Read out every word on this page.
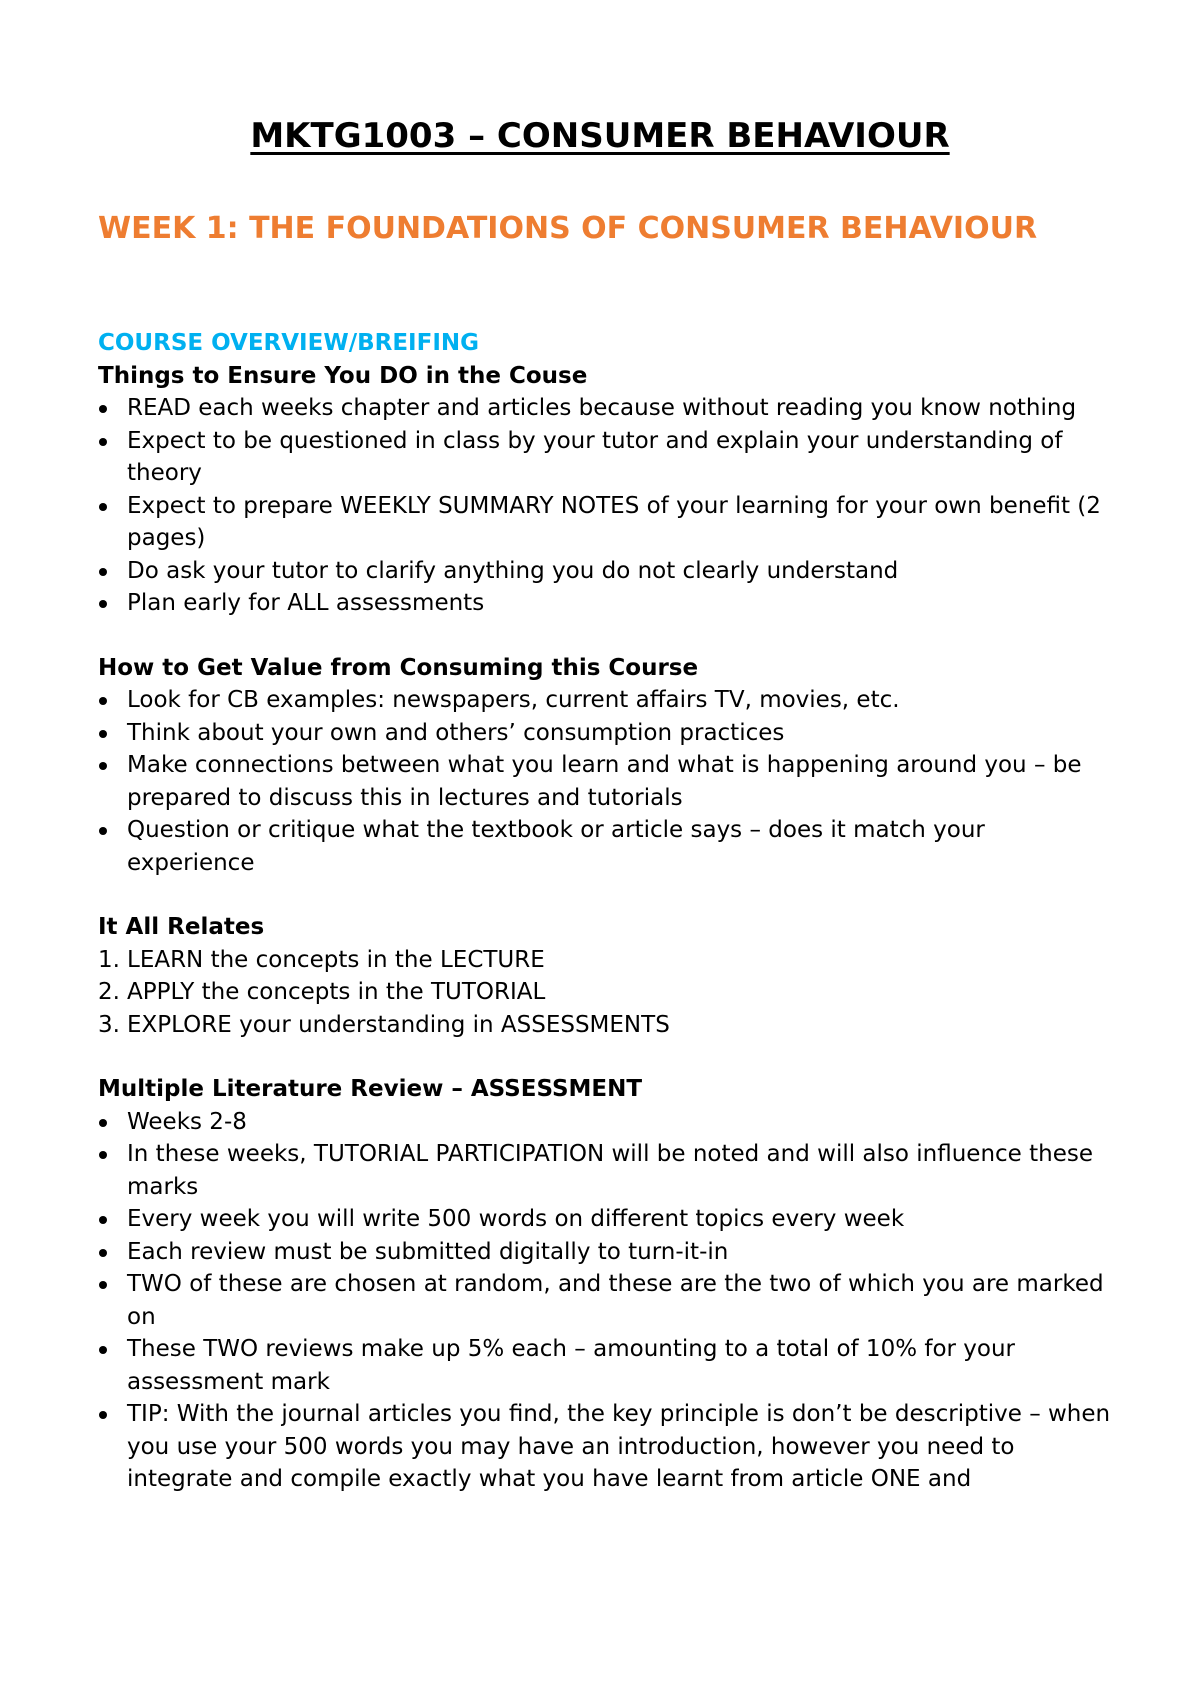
MKTG1003 – CONSUMER BEHAVIOUR
WEEK 1: THE FOUNDATIONS OF CONSUMER BEHAVIOUR

COURSE OVERVIEW/BREIFING

Things to Ensure You DO in the Couse

READ each weeks chapter and articles because without reading you know nothing
Expect to be questioned in class by your tutor and explain your understanding of theory
Expect to prepare WEEKLY SUMMARY NOTES of your learning for your own benefit (2 pages)
Do ask your tutor to clarify anything you do not clearly understand
Plan early for ALL assessments

How to Get Value from Consuming this Course

Look for CB examples: newspapers, current affairs TV, movies, etc.
Think about your own and others’ consumption practices
Make connections between what you learn and what is happening around you – be prepared to discuss this in lectures and tutorials
Question or critique what the textbook or article says – does it match your experience

It All Relates

1. LEARN the concepts in the LECTURE
2. APPLY the concepts in the TUTORIAL
3. EXPLORE your understanding in ASSESSMENTS

Multiple Literature Review – ASSESSMENT

Weeks 2-8
In these weeks, TUTORIAL PARTICIPATION will be noted and will also influence these marks
Every week you will write 500 words on different topics every week
Each review must be submitted digitally to turn-it-in
TWO of these are chosen at random, and these are the two of which you are marked on
These TWO reviews make up 5% each – amounting to a total of 10% for your assessment mark
TIP: With the journal articles you find, the key principle is don’t be descriptive – when you use your 500 words you may have an introduction, however you need to integrate and compile exactly what you have learnt from article ONE and
